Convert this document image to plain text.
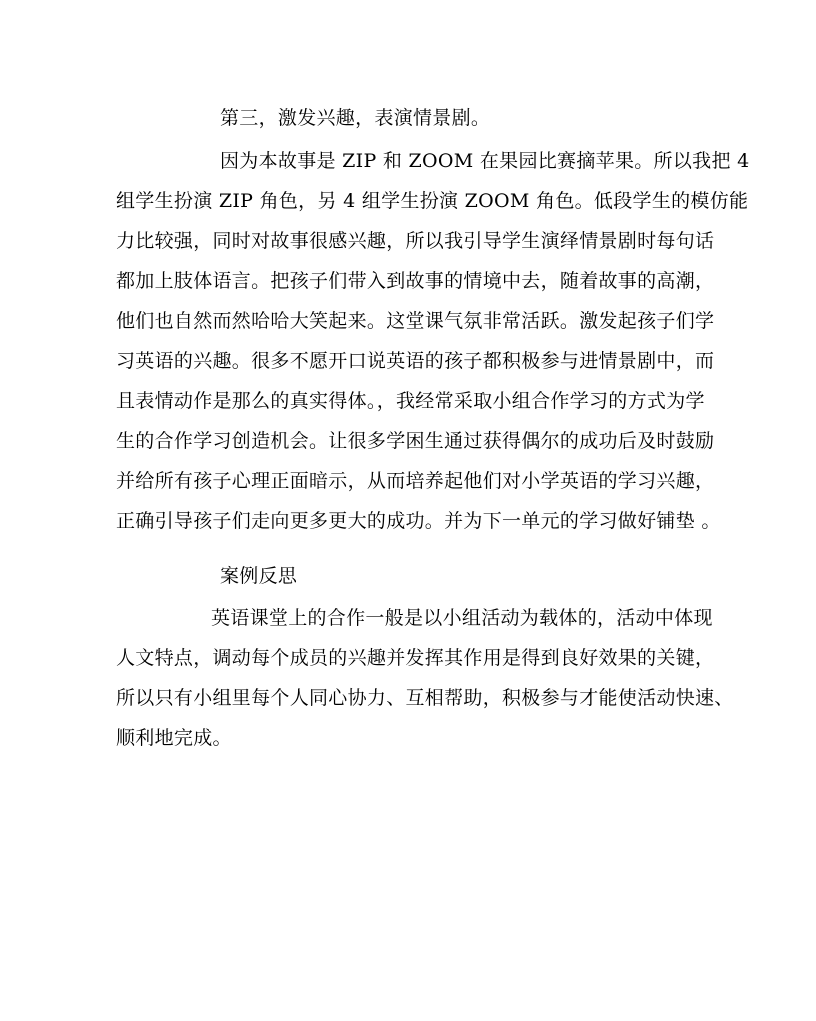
第三，激发兴趣，表演情景剧。
因为本故事是 ZIP 和 ZOOM 在果园比赛摘苹果。所以我把 4
组学生扮演 ZIP 角色，另 4 组学生扮演 ZOOM 角色。低段学生的模仿能
力比较强，同时对故事很感兴趣，所以我引导学生演绎情景剧时每句话
都加上肢体语言。把孩子们带入到故事的情境中去，随着故事的高潮，
他们也自然而然哈哈大笑起来。这堂课气氛非常活跃。激发起孩子们学
习英语的兴趣。很多不愿开口说英语的孩子都积极参与进情景剧中，而
且表情动作是那么的真实得体。，我经常采取小组合作学习的方式为学
生的合作学习创造机会。让很多学困生通过获得偶尔的成功后及时鼓励
并给所有孩子心理正面暗示，从而培养起他们对小学英语的学习兴趣，
正确引导孩子们走向更多更大的成功。并为下一单元的学习做好铺垫 。
案例反思
英语课堂上的合作一般是以小组活动为载体的，活动中体现
人文特点，调动每个成员的兴趣并发挥其作用是得到良好效果的关键，
所以只有小组里每个人同心协力、互相帮助，积极参与才能使活动快速、
顺利地完成。
